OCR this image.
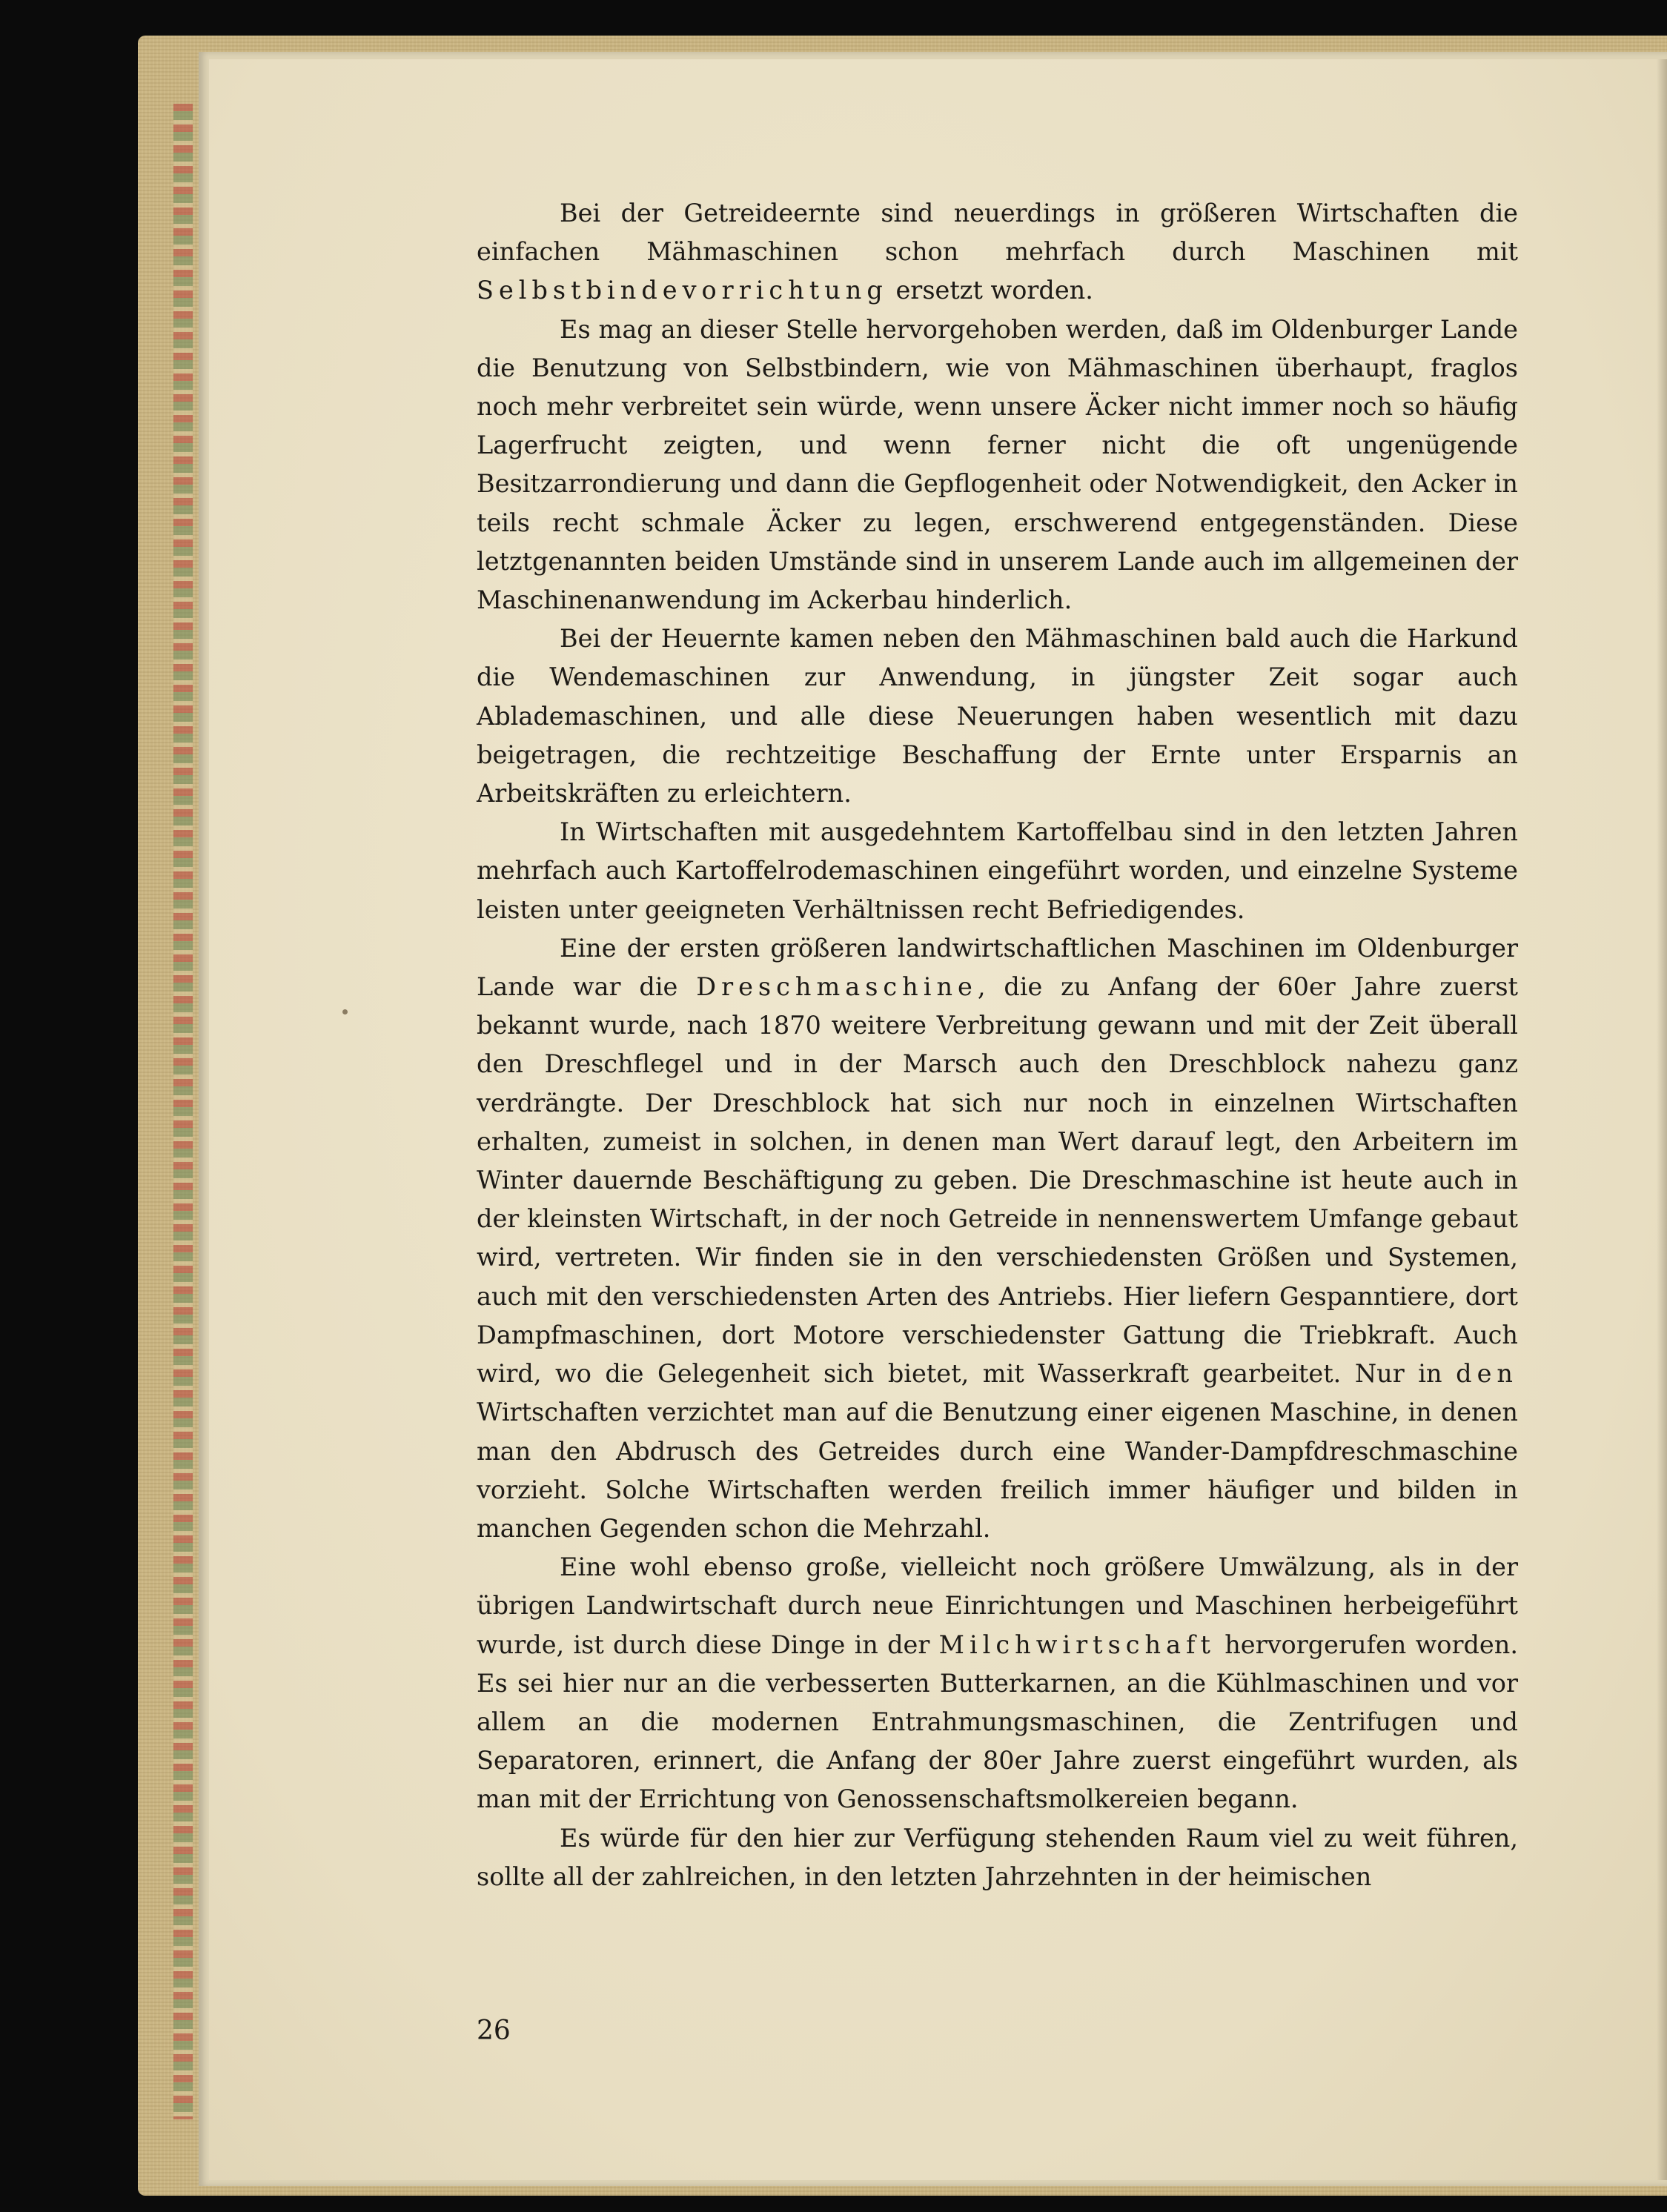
Bei der Getreideernte sind neuerdings in größeren Wirtschaften die einfachen Mähmaschinen schon mehrfach durch Maschinen mit Selbstbindevorrichtung ersetzt worden.

Es mag an dieser Stelle hervorgehoben werden, daß im Oldenburger Lande die Benutzung von Selbstbindern, wie von Mähmaschinen überhaupt, fraglos noch mehr verbreitet sein würde, wenn unsere Äcker nicht immer noch so häufig Lagerfrucht zeigten, und wenn ferner nicht die oft ungenügende Besitzarrondierung und dann die Gepflogenheit oder Notwendigkeit, den Acker in teils recht schmale Äcker zu legen, erschwerend entgegenständen. Diese letztgenannten beiden Umstände sind in unserem Lande auch im allgemeinen der Maschinenanwendung im Ackerbau hinderlich.

Bei der Heuernte kamen neben den Mähmaschinen bald auch die Harkund die Wendemaschinen zur Anwendung, in jüngster Zeit sogar auch Ablademaschinen, und alle diese Neuerungen haben wesentlich mit dazu beigetragen, die rechtzeitige Beschaffung der Ernte unter Ersparnis an Arbeitskräften zu erleichtern.

In Wirtschaften mit ausgedehntem Kartoffelbau sind in den letzten Jahren mehrfach auch Kartoffelrodemaschinen eingeführt worden, und einzelne Systeme leisten unter geeigneten Verhältnissen recht Befriedigendes.

Eine der ersten größeren landwirtschaftlichen Maschinen im Oldenburger Lande war die Dreschmaschine, die zu Anfang der 60er Jahre zuerst bekannt wurde, nach 1870 weitere Verbreitung gewann und mit der Zeit überall den Dreschflegel und in der Marsch auch den Dreschblock nahezu ganz verdrängte. Der Dreschblock hat sich nur noch in einzelnen Wirtschaften erhalten, zumeist in solchen, in denen man Wert darauf legt, den Arbeitern im Winter dauernde Beschäftigung zu geben. Die Dreschmaschine ist heute auch in der kleinsten Wirtschaft, in der noch Getreide in nennenswertem Umfange gebaut wird, vertreten. Wir finden sie in den verschiedensten Größen und Systemen, auch mit den verschiedensten Arten des Antriebs. Hier liefern Gespanntiere, dort Dampfmaschinen, dort Motore verschiedenster Gattung die Triebkraft. Auch wird, wo die Gelegenheit sich bietet, mit Wasserkraft gearbeitet. Nur in den Wirtschaften verzichtet man auf die Benutzung einer eigenen Maschine, in denen man den Abdrusch des Getreides durch eine Wander-Dampfdreschmaschine vorzieht. Solche Wirtschaften werden freilich immer häufiger und bilden in manchen Gegenden schon die Mehrzahl.

Eine wohl ebenso große, vielleicht noch größere Umwälzung, als in der übrigen Landwirtschaft durch neue Einrichtungen und Maschinen herbeigeführt wurde, ist durch diese Dinge in der Milchwirtschaft hervorgerufen worden. Es sei hier nur an die verbesserten Butterkarnen, an die Kühlmaschinen und vor allem an die modernen Entrahmungsmaschinen, die Zentrifugen und Separatoren, erinnert, die Anfang der 80er Jahre zuerst eingeführt wurden, als man mit der Errichtung von Genossenschaftsmolkereien begann.

Es würde für den hier zur Verfügung stehenden Raum viel zu weit führen, sollte all der zahlreichen, in den letzten Jahrzehnten in der heimischen

26
